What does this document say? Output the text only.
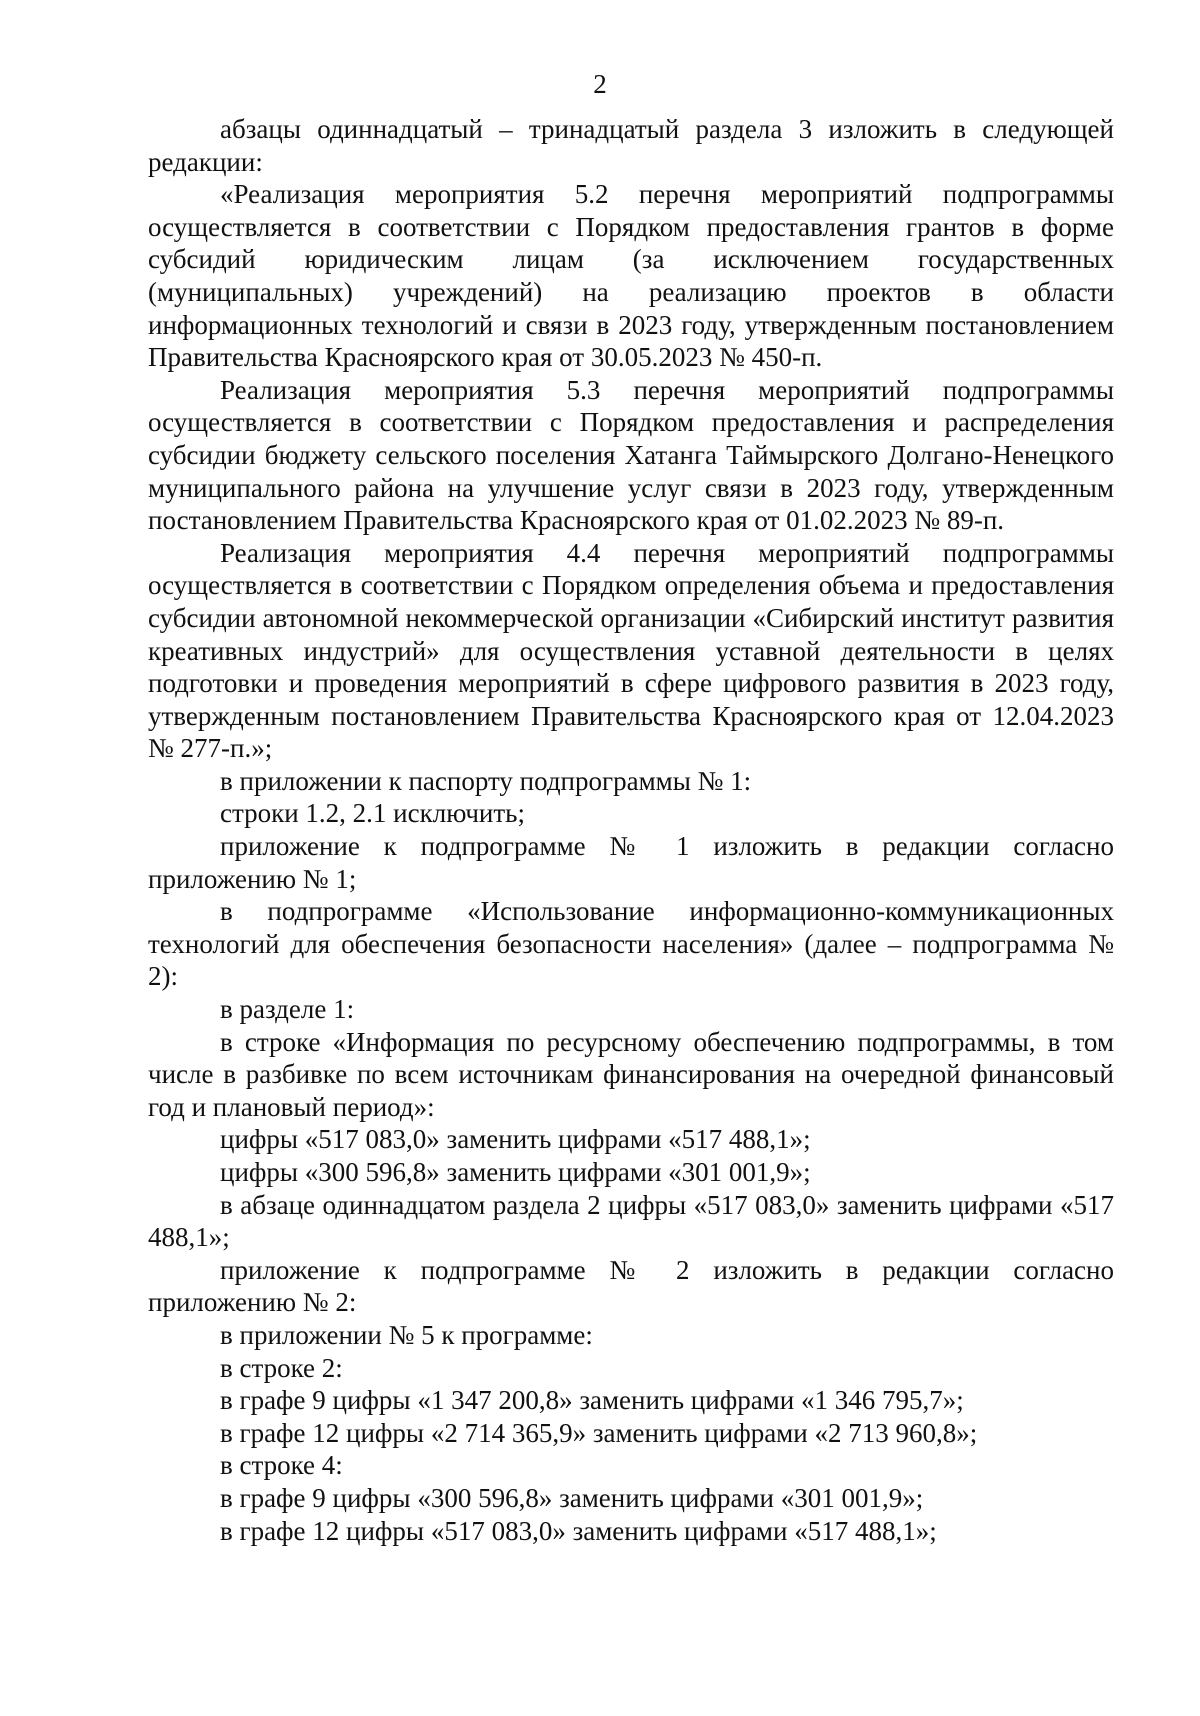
2

абзацы одиннадцатый – тринадцатый раздела 3 изложить в следующей редакции:

«Реализация мероприятия 5.2 перечня мероприятий подпрограммы осуществляется в соответствии с Порядком предоставления грантов в форме субсидий юридическим лицам (за исключением государственных (муниципальных) учреждений) на реализацию проектов в области информационных технологий и связи в 2023 году, утвержденным постановлением Правительства Красноярского края от 30.05.2023 № 450-п.

Реализация мероприятия 5.3 перечня мероприятий подпрограммы осуществляется в соответствии с Порядком предоставления и распределения субсидии бюджету сельского поселения Хатанга Таймырского Долгано-Ненецкого муниципального района на улучшение услуг связи в 2023 году, утвержденным постановлением Правительства Красноярского края от 01.02.2023 № 89-п.

Реализация мероприятия 4.4 перечня мероприятий подпрограммы осуществляется в соответствии с Порядком определения объема и предоставления субсидии автономной некоммерческой организации «Сибирский институт развития креативных индустрий» для осуществления уставной деятельности в целях подготовки и проведения мероприятий в сфере цифрового развития в 2023 году, утвержденным постановлением Правительства Красноярского края от 12.04.2023 № 277-п.»;

в приложении к паспорту подпрограммы № 1:

строки 1.2, 2.1 исключить;

приложение к подпрограмме № 1 изложить в редакции согласно приложению № 1;

в подпрограмме «Использование информационно-коммуникационных технологий для обеспечения безопасности населения» (далее – подпрограмма № 2):

в разделе 1:

в строке «Информация по ресурсному обеспечению подпрограммы, в том числе в разбивке по всем источникам финансирования на очередной финансовый год и плановый период»:

цифры «517 083,0» заменить цифрами «517 488,1»;

цифры «300 596,8» заменить цифрами «301 001,9»;

в абзаце одиннадцатом раздела 2 цифры «517 083,0» заменить цифрами «517 488,1»;

приложение к подпрограмме № 2 изложить в редакции согласно приложению № 2:

в приложении № 5 к программе:

в строке 2:

в графе 9 цифры «1 347 200,8» заменить цифрами «1 346 795,7»;

в графе 12 цифры «2 714 365,9» заменить цифрами «2 713 960,8»;

в строке 4:

в графе 9 цифры «300 596,8» заменить цифрами «301 001,9»;

в графе 12 цифры «517 083,0» заменить цифрами «517 488,1»;
